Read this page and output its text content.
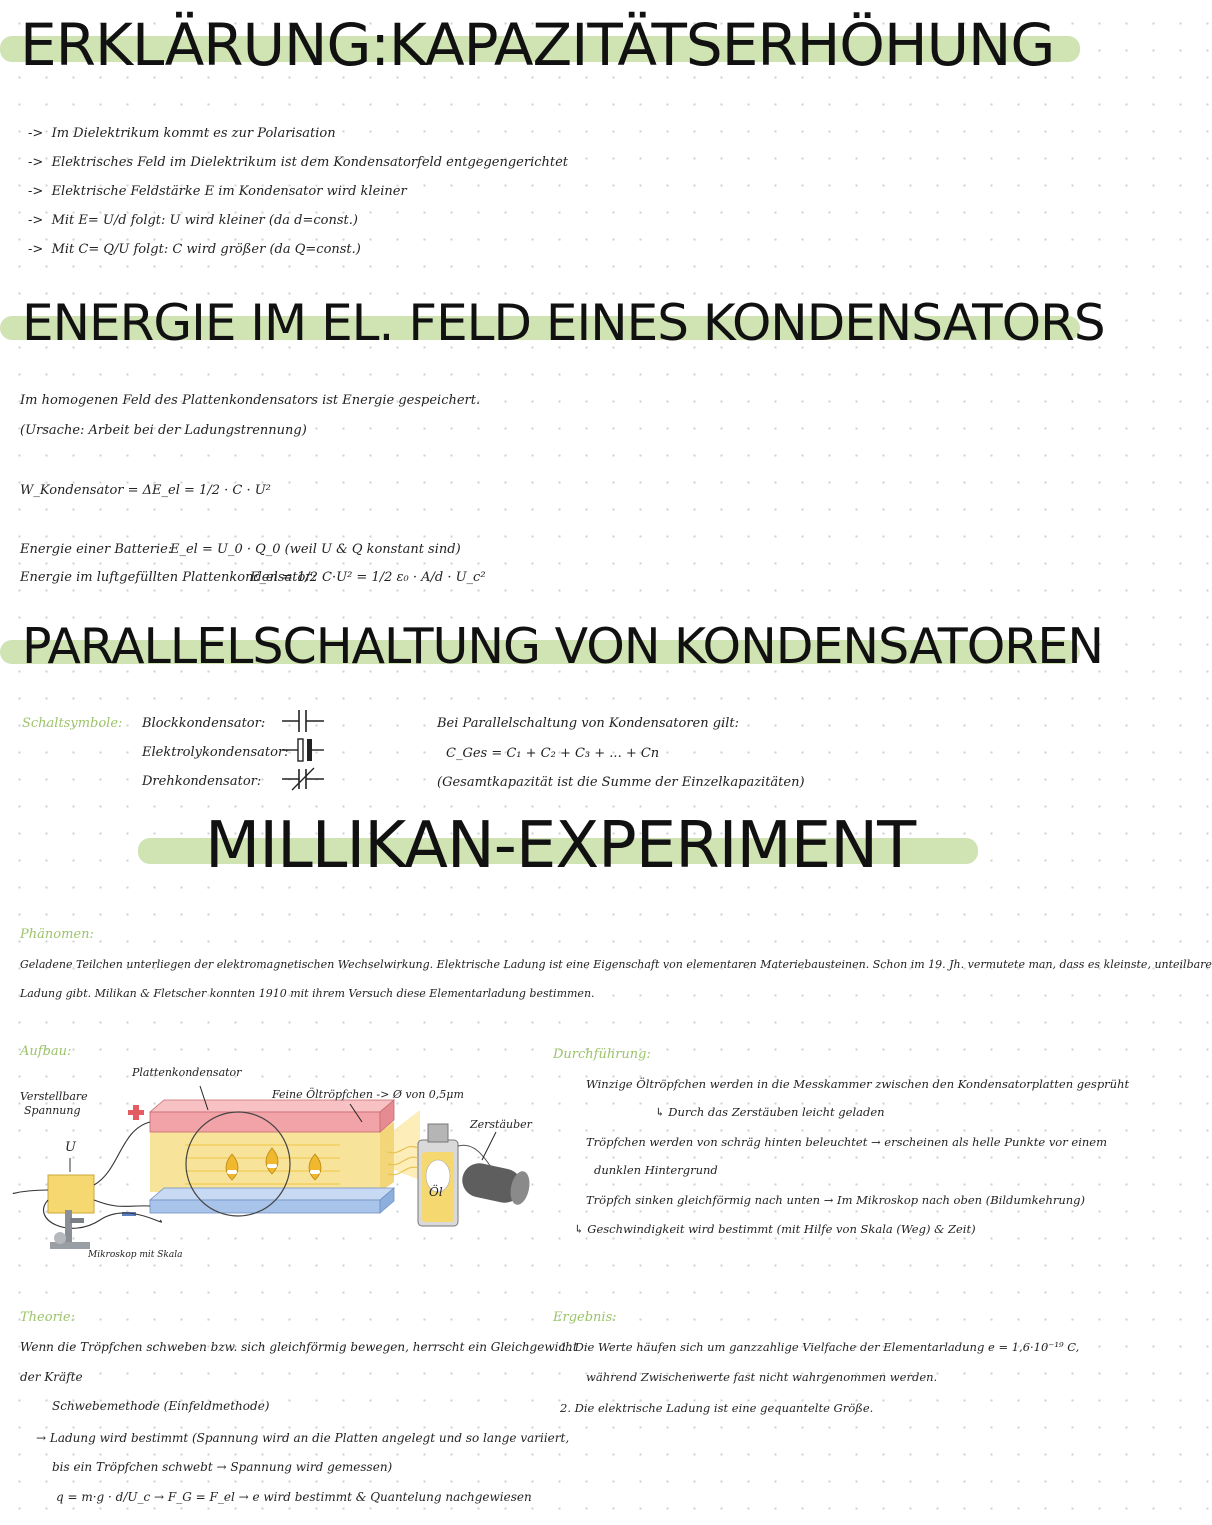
ERKLÄRUNG:KAPAZITÄTSERHÖHUNG
-> Im Dielektrikum kommt es zur Polarisation
-> Elektrisches Feld im Dielektrikum ist dem Kondensatorfeld entgegengerichtet
-> Elektrische Feldstärke E im Kondensator wird kleiner
-> Mit E= U/d folgt: U wird kleiner (da d=const.)
-> Mit C= Q/U folgt: C wird größer (da Q=const.)
ENERGIE IM EL. FELD EINES KONDENSATORS
Im homogenen Feld des Plattenkondensators ist Energie gespeichert.
(Ursache: Arbeit bei der Ladungstrennung)
W_Kondensator = ΔE_el = 1/2 · C · U²
Energie einer Batterie:
E_el = U_0 · Q_0 (weil U & Q konstant sind)
Energie im luftgefüllten Plattenkondensator:
E_el = 1/2 C·U² = 1/2 ε₀ · A/d · U_c²
PARALLELSCHALTUNG VON KONDENSATOREN
Schaltsymbole: Blockkondensator:
Elektrolykondensator:
Drehkondensator:
Bei Parallelschaltung von Kondensatoren gilt:
C_Ges = C₁ + C₂ + C₃ + ... + Cn
(Gesamtkapazität ist die Summe der Einzelkapazitäten)
MILLIKAN-EXPERIMENT
Phänomen:
Geladene Teilchen unterliegen der elektromagnetischen Wechselwirkung. Elektrische Ladung ist eine Eigenschaft von elementaren Materiebausteinen. Schon im 19. Jh. vermutete man, dass es kleinste, unteilbare
Ladung gibt. Milikan & Fletscher konnten 1910 mit ihrem Versuch diese Elementarladung bestimmen.
Aufbau:
Plattenkondensator
Verstellbare
Spannung
U
Feine Öltröpfchen -> Ø von 0,5μm
Zerstäuber
Öl
Mikroskop mit Skala
Durchführung:
Winzige Öltröpfchen werden in die Messkammer zwischen den Kondensatorplatten gesprüht
↳ Durch das Zerstäuben leicht geladen
Tröpfchen werden von schräg hinten beleuchtet → erscheinen als helle Punkte vor einem
dunklen Hintergrund
Tröpfch sinken gleichförmig nach unten → Im Mikroskop nach oben (Bildumkehrung)
↳ Geschwindigkeit wird bestimmt (mit Hilfe von Skala (Weg) & Zeit)
Theorie:
Wenn die Tröpfchen schweben bzw. sich gleichförmig bewegen, herrscht ein Gleichgewicht
der Kräfte
Schwebemethode (Einfeldmethode)
→ Ladung wird bestimmt (Spannung wird an die Platten angelegt und so lange variiert,
bis ein Tröpfchen schwebt → Spannung wird gemessen)
q = m·g · d/U_c → F_G = F_el → e wird bestimmt & Quantelung nachgewiesen
Ergebnis:
1. Die Werte häufen sich um ganzzahlige Vielfache der Elementarladung e = 1,6·10⁻¹⁹ C,
während Zwischenwerte fast nicht wahrgenommen werden.
2. Die elektrische Ladung ist eine gequantelte Größe.
